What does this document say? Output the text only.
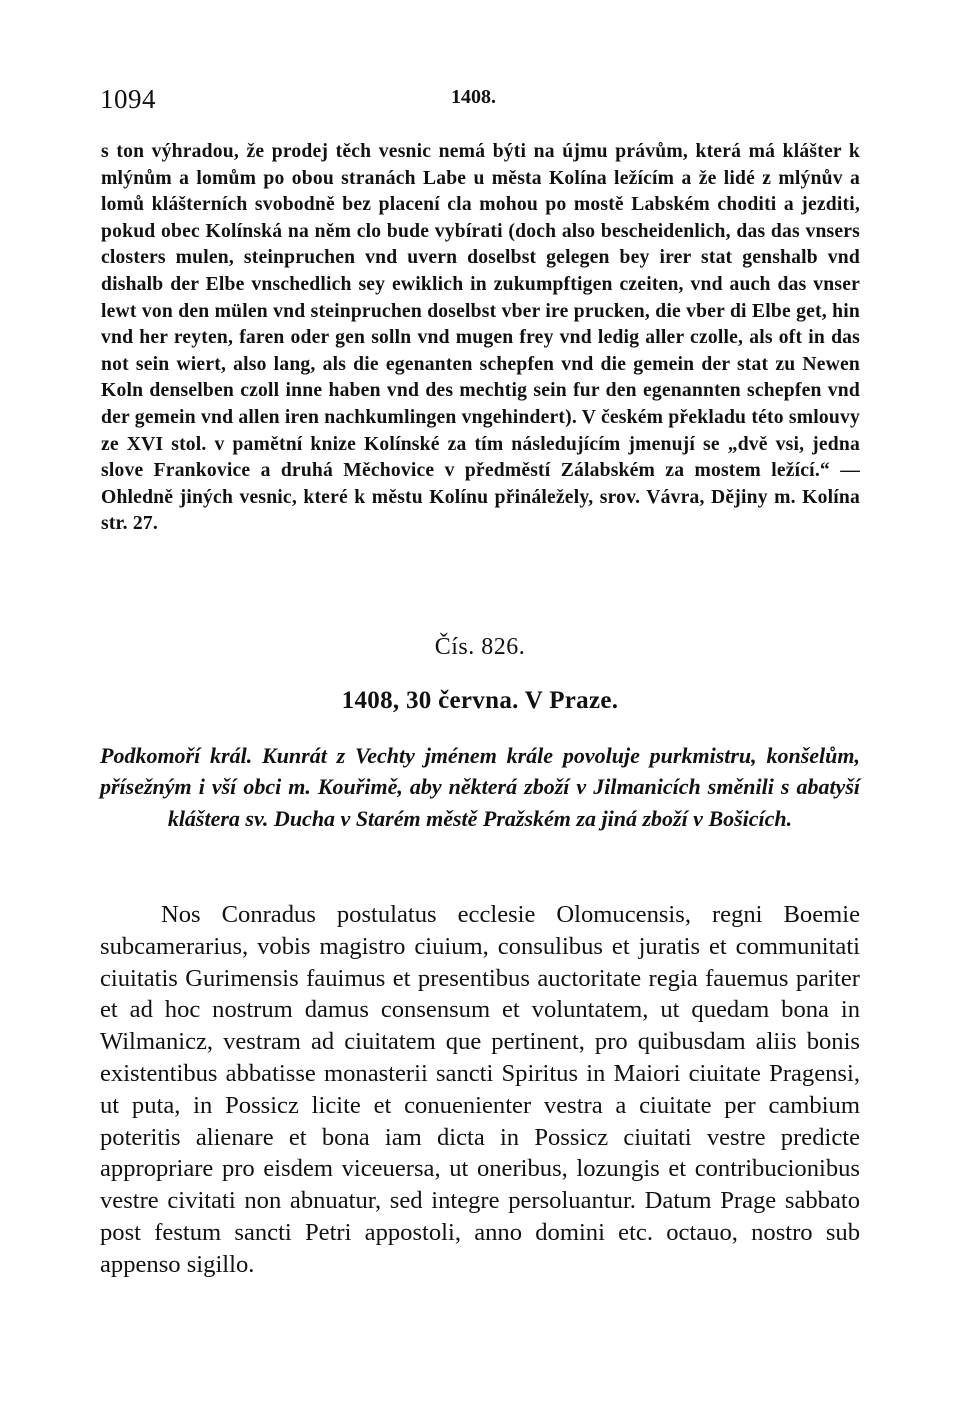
1094	1408.

s ton výhradou, že prodej těch vesnic nemá býti na újmu právům, která má klášter k mlýnům a lomům po obou stranách Labe u města Kolína ležícím a že lidé z mlýnův a lomů klášterních svobodně bez placení cla mohou po mostě Labském choditi a jezditi, pokud obec Kolínská na něm clo bude vybírati (doch also bescheidenlich, das das vnsers closters mulen, steinpruchen vnd uvern doselbst gelegen bey irer stat genshalb vnd dishalb der Elbe vnschedlich sey ewiklich in zukumpftigen czeiten, vnd auch das vnser lewt von den mülen vnd steinpruchen doselbst vber ire prucken, die vber di Elbe get, hin vnd her reyten, faren oder gen solln vnd mugen frey vnd ledig aller czolle, als oft in das not sein wiert, also lang, als die egenanten schepfen vnd die gemein der stat zu Newen Koln denselben czoll inne haben vnd des mechtig sein fur den egenannten schepfen vnd der gemein vnd allen iren nachkumlingen vngehindert). V českém překladu této smlouvy ze XVI stol. v pamětní knize Kolínské za tím následujícím jmenují se „dvě vsi, jedna slove Frankovice a druhá Měchovice v předměstí Zálabském za mostem ležící.“ — Ohledně jiných vesnic, které k městu Kolínu přináležely, srov. Vávra, Dějiny m. Kolína str. 27.

Čís. 826.
1408, 30 června. V Praze.

Podkomoří král. Kunrát z Vechty jménem krále povoluje purkmistru, konšelům, přísežným i vší obci m. Kouřimě, aby některá zboží v Jilmanicích směnili s abatyší kláštera sv. Ducha v Starém městě Pražském za jiná zboží v Bošicích.

Nos Conradus postulatus ecclesie Olomucensis, regni Boemie subcamerarius, vobis magistro ciuium, consulibus et juratis et communitati ciuitatis Gurimensis fauimus et presentibus auctoritate regia fauemus pariter et ad hoc nostrum damus consensum et voluntatem, ut quedam bona in Wilmanicz, vestram ad ciuitatem que pertinent, pro quibusdam aliis bonis existentibus abbatisse monasterii sancti Spiritus in Maiori ciuitate Pragensi, ut puta, in Possicz licite et conuenienter vestra a ciuitate per cambium poteritis alienare et bona iam dicta in Possicz ciuitati vestre predicte appropriare pro eisdem viceuersa, ut oneribus, lozungis et contribucionibus vestre civitati non abnuatur, sed integre persoluantur. Datum Prage sabbato post festum sancti Petri appostoli, anno domini etc. octauo, nostro sub appenso sigillo.
